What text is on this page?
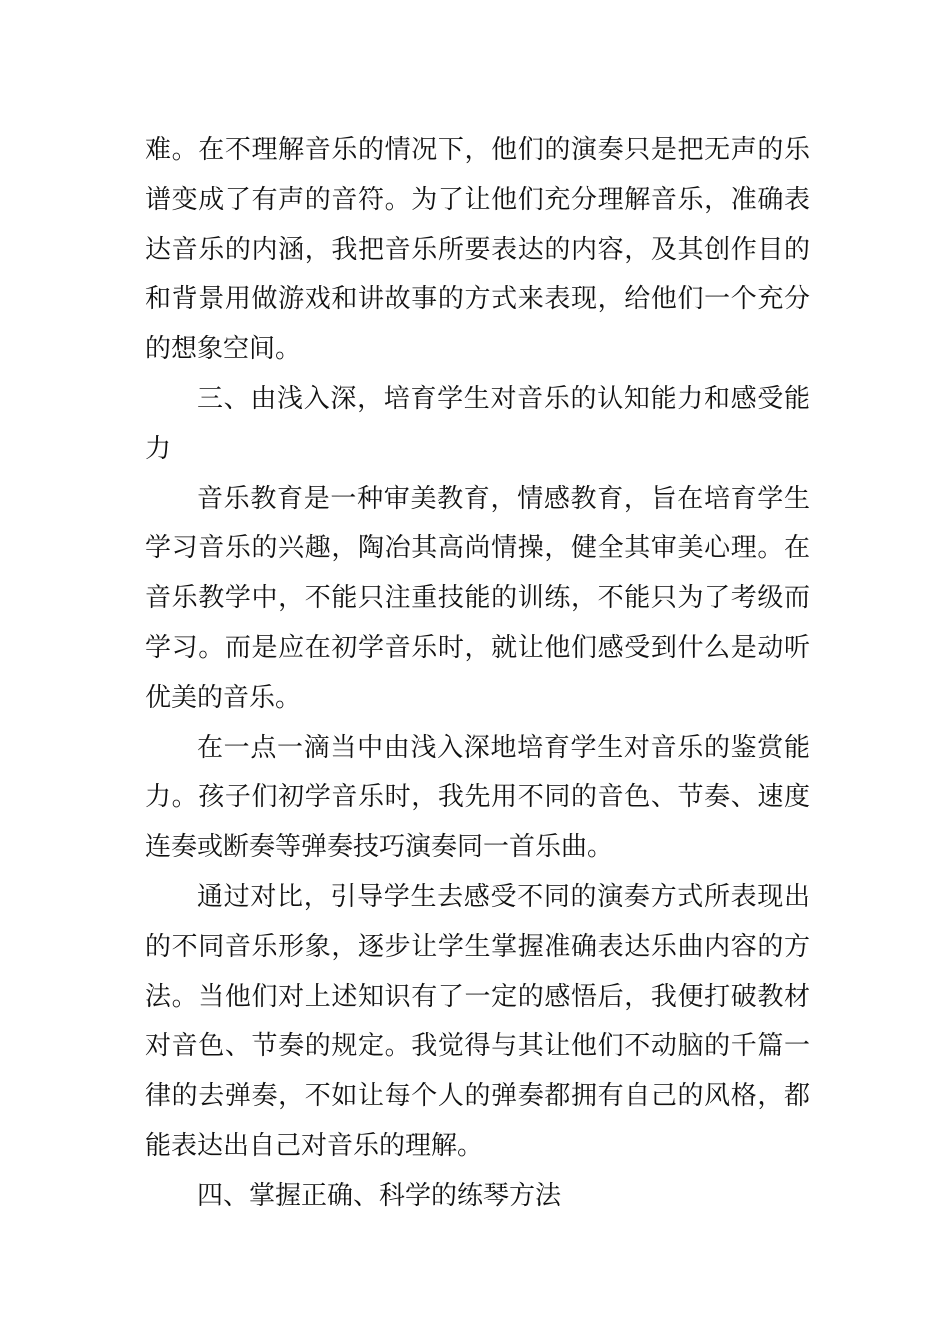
难。在不理解音乐的情况下，他们的演奏只是把无声的乐
谱变成了有声的音符。为了让他们充分理解音乐，准确表
达音乐的内涵，我把音乐所要表达的内容，及其创作目的
和背景用做游戏和讲故事的方式来表现，给他们一个充分
的想象空间。

三、由浅入深，培育学生对音乐的认知能力和感受能
力

音乐教育是一种审美教育，情感教育，旨在培育学生
学习音乐的兴趣，陶冶其高尚情操，健全其审美心理。在
音乐教学中，不能只注重技能的训练，不能只为了考级而
学习。而是应在初学音乐时，就让他们感受到什么是动听
优美的音乐。

在一点一滴当中由浅入深地培育学生对音乐的鉴赏能
力。孩子们初学音乐时，我先用不同的音色、节奏、速度
连奏或断奏等弹奏技巧演奏同一首乐曲。

通过对比，引导学生去感受不同的演奏方式所表现出
的不同音乐形象，逐步让学生掌握准确表达乐曲内容的方
法。当他们对上述知识有了一定的感悟后，我便打破教材
对音色、节奏的规定。我觉得与其让他们不动脑的千篇一
律的去弹奏，不如让每个人的弹奏都拥有自己的风格，都
能表达出自己对音乐的理解。

四、掌握正确、科学的练琴方法
